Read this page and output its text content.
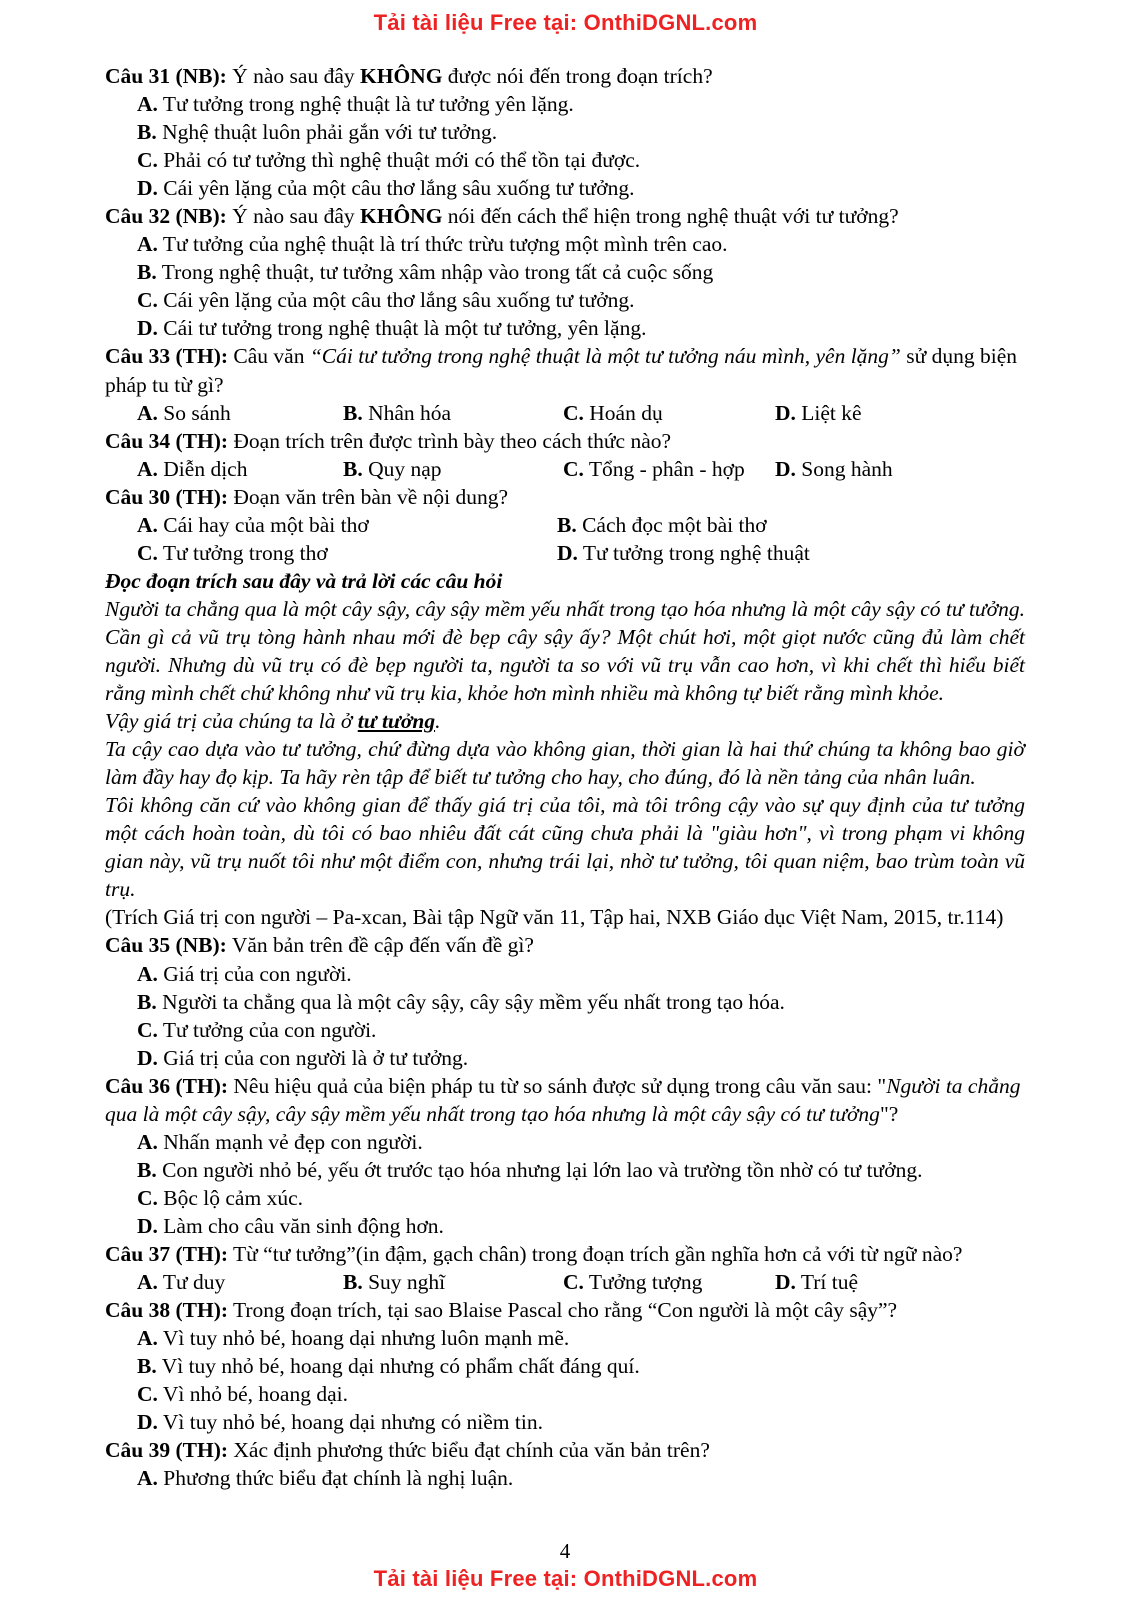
Tải tài liệu Free tại: OnthiDGNL.com

Câu 31 (NB): Ý nào sau đây KHÔNG được nói đến trong đoạn trích?

A. Tư tưởng trong nghệ thuật là tư tưởng yên lặng.

B. Nghệ thuật luôn phải gắn với tư tưởng.

C. Phải có tư tưởng thì nghệ thuật mới có thể tồn tại được.

D. Cái yên lặng của một câu thơ lắng sâu xuống tư tưởng.

Câu 32 (NB): Ý nào sau đây KHÔNG nói đến cách thể hiện trong nghệ thuật với tư tưởng?

A. Tư tưởng của nghệ thuật là trí thức trừu tượng một mình trên cao.

B. Trong nghệ thuật, tư tưởng xâm nhập vào trong tất cả cuộc sống

C. Cái yên lặng của một câu thơ lắng sâu xuống tư tưởng.

D. Cái tư tưởng trong nghệ thuật là một tư tưởng, yên lặng.

Câu 33 (TH): Câu văn “Cái tư tưởng trong nghệ thuật là một tư tưởng náu mình, yên lặng” sử dụng biện pháp tu từ gì?

A. So sánh	B. Nhân hóa	C. Hoán dụ	D. Liệt kê

Câu 34 (TH): Đoạn trích trên được trình bày theo cách thức nào?

A. Diễn dịch	B. Quy nạp	C. Tổng - phân - hợp	D. Song hành

Câu 30 (TH): Đoạn văn trên bàn về nội dung?

A. Cái hay của một bài thơ	B. Cách đọc một bài thơ
C. Tư tưởng trong thơ	D. Tư tưởng trong nghệ thuật

Đọc đoạn trích sau đây và trả lời các câu hỏi

Người ta chẳng qua là một cây sậy, cây sậy mềm yếu nhất trong tạo hóa nhưng là một cây sậy có tư tưởng. Cần gì cả vũ trụ tòng hành nhau mới đè bẹp cây sậy ấy? Một chút hơi, một giọt nước cũng đủ làm chết người. Nhưng dù vũ trụ có đè bẹp người ta, người ta so với vũ trụ vẫn cao hơn, vì khi chết thì hiểu biết rằng mình chết chứ không như vũ trụ kia, khỏe hơn mình nhiều mà không tự biết rằng mình khỏe.

Vậy giá trị của chúng ta là ở tư tưởng.

Ta cậy cao dựa vào tư tưởng, chứ đừng dựa vào không gian, thời gian là hai thứ chúng ta không bao giờ làm đầy hay đọ kịp. Ta hãy rèn tập để biết tư tưởng cho hay, cho đúng, đó là nền tảng của nhân luân.

Tôi không căn cứ vào không gian để thấy giá trị của tôi, mà tôi trông cậy vào sự quy định của tư tưởng một cách hoàn toàn, dù tôi có bao nhiêu đất cát cũng chưa phải là "giàu hơn", vì trong phạm vi không gian này, vũ trụ nuốt tôi như một điểm con, nhưng trái lại, nhờ tư tưởng, tôi quan niệm, bao trùm toàn vũ trụ.

(Trích Giá trị con người – Pa-xcan, Bài tập Ngữ văn 11, Tập hai, NXB Giáo dục Việt Nam, 2015, tr.114)

Câu 35 (NB): Văn bản trên đề cập đến vấn đề gì?

A. Giá trị của con người.

B. Người ta chẳng qua là một cây sậy, cây sậy mềm yếu nhất trong tạo hóa.

C. Tư tưởng của con người.

D. Giá trị của con người là ở tư tưởng.

Câu 36 (TH): Nêu hiệu quả của biện pháp tu từ so sánh được sử dụng trong câu văn sau: "Người ta chẳng qua là một cây sậy, cây sậy mềm yếu nhất trong tạo hóa nhưng là một cây sậy có tư tưởng"?

A. Nhấn mạnh vẻ đẹp con người.

B. Con người nhỏ bé, yếu ớt trước tạo hóa nhưng lại lớn lao và trường tồn nhờ có tư tưởng.

C. Bộc lộ cảm xúc.

D. Làm cho câu văn sinh động hơn.

Câu 37 (TH): Từ “tư tưởng”(in đậm, gạch chân) trong đoạn trích gần nghĩa hơn cả với từ ngữ nào?

A. Tư duy	B. Suy nghĩ	C. Tưởng tượng	D. Trí tuệ

Câu 38 (TH): Trong đoạn trích, tại sao Blaise Pascal cho rằng “Con người là một cây sậy”?

A. Vì tuy nhỏ bé, hoang dại nhưng luôn mạnh mẽ.

B. Vì tuy nhỏ bé, hoang dại nhưng có phẩm chất đáng quí.

C. Vì nhỏ bé, hoang dại.

D. Vì tuy nhỏ bé, hoang dại nhưng có niềm tin.

Câu 39 (TH): Xác định phương thức biểu đạt chính của văn bản trên?

A. Phương thức biểu đạt chính là nghị luận.

4
Tải tài liệu Free tại: OnthiDGNL.com
